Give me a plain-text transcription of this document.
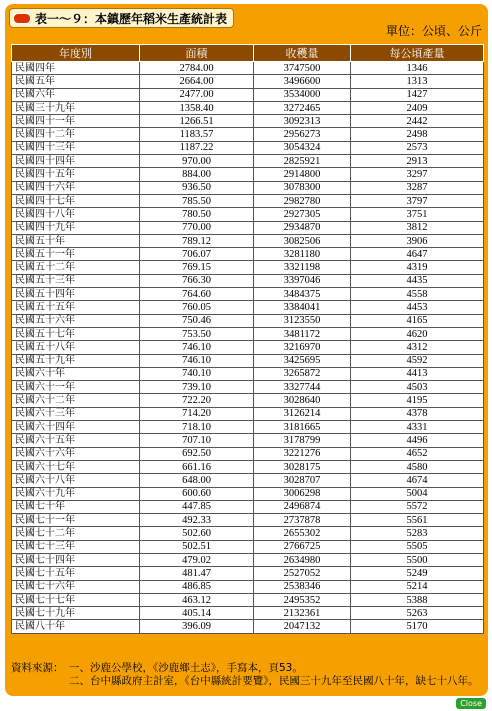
表一～９：本鎮歷年稻米生產統計表
單位：公頃、公斤
年度別	面積	收穫量	每公頃產量
民國四年	2784.00	3747500	1346
民國五年	2664.00	3496600	1313
民國六年	2477.00	3534000	1427
民國三十九年	1358.40	3272465	2409
民國四十一年	1266.51	3092313	2442
民國四十二年	1183.57	2956273	2498
民國四十三年	1187.22	3054324	2573
民國四十四年	970.00	2825921	2913
民國四十五年	884.00	2914800	3297
民國四十六年	936.50	3078300	3287
民國四十七年	785.50	2982780	3797
民國四十八年	780.50	2927305	3751
民國四十九年	770.00	2934870	3812
民國五十年	789.12	3082506	3906
民國五十一年	706.07	3281180	4647
民國五十二年	769.15	3321198	4319
民國五十三年	766.30	3397046	4435
民國五十四年	764.60	3484375	4558
民國五十五年	760.05	3384041	4453
民國五十六年	750.46	3123550	4165
民國五十七年	753.50	3481172	4620
民國五十八年	746.10	3216970	4312
民國五十九年	746.10	3425695	4592
民國六十年	740.10	3265872	4413
民國六十一年	739.10	3327744	4503
民國六十二年	722.20	3028640	4195
民國六十三年	714.20	3126214	4378
民國六十四年	718.10	3181665	4331
民國六十五年	707.10	3178799	4496
民國六十六年	692.50	3221276	4652
民國六十七年	661.16	3028175	4580
民國六十八年	648.00	3028707	4674
民國六十九年	600.60	3006298	5004
民國七十年	447.85	2496874	5572
民國七十一年	492.33	2737878	5561
民國七十二年	502.60	2655302	5283
民國七十三年	502.51	2766725	5505
民國七十四年	479.02	2634980	5500
民國七十五年	481.47	2527052	5249
民國七十六年	486.85	2538346	5214
民國七十七年	463.12	2495352	5388
民國七十九年	405.14	2132361	5263
民國八十年	396.09	2047132	5170
資料來源： 一、沙鹿公學校，《沙鹿鄉土志》，手寫本，頁53。
二、台中縣政府主計室，《台中縣統計要覽》，民國三十九年至民國八十年，缺七十八年。
Close
